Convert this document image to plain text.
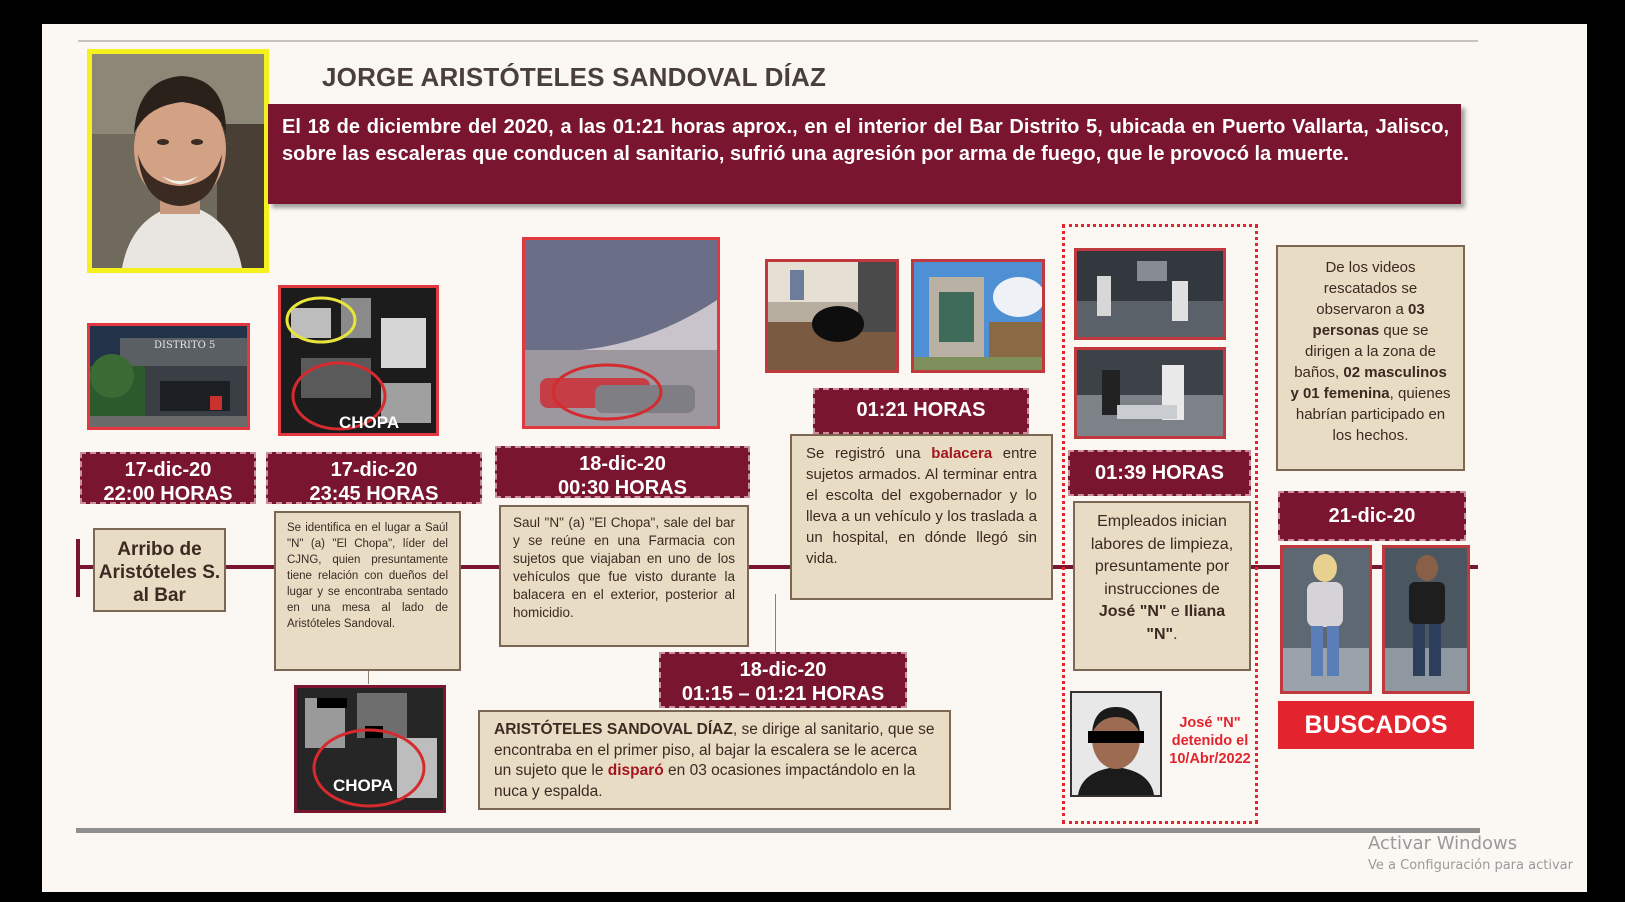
JORGE ARISTÓTELES SANDOVAL DÍAZ
El 18 de diciembre del 2020, a las 01:21 horas aprox., en el interior del Bar Distrito 5, ubicada en Puerto Vallarta, Jalisco, sobre las escaleras que conducen al sanitario, sufrió una agresión por arma de fuego, que le provocó la muerte.
DISTRITO 5
17-dic-20
22:00 HORAS
Arribo de Aristóteles S. al Bar
CHOPA
17-dic-20
23:45 HORAS
Se identifica en el lugar a Saúl "N" (a) "El Chopa", líder del CJNG, quien presuntamente tiene relación con dueños del lugar y se encontraba sentado en una mesa al lado de Aristóteles Sandoval.
CHOPA
18-dic-20
00:30 HORAS
Saul "N" (a) "El Chopa", sale del bar y se reúne en una Farmacia con sujetos que viajaban en uno de los vehículos que fue visto durante la balacera en el exterior, posterior al homicidio.
18-dic-20
01:15 – 01:21 HORAS
ARISTÓTELES SANDOVAL DÍAZ, se dirige al sanitario, que se encontraba en el primer piso, al bajar la escalera se le acerca un sujeto que le disparó en 03 ocasiones impactándolo en la nuca y espalda.
01:21 HORAS
Se registró una balacera entre sujetos armados. Al terminar entra el escolta del exgobernador y lo lleva a un vehículo y los traslada a un hospital, en dónde llegó sin vida.
01:39 HORAS
Empleados inician labores de limpieza, presuntamente por instrucciones de José "N" e Iliana "N".
José "N" detenido el 10/Abr/2022
De los videos rescatados se observaron a 03 personas que se dirigen a la zona de baños, 02 masculinos y 01 femenina, quienes habrían participado en los hechos.
21-dic-20
BUSCADOS
Activar Windows
Ve a Configuración para activar
